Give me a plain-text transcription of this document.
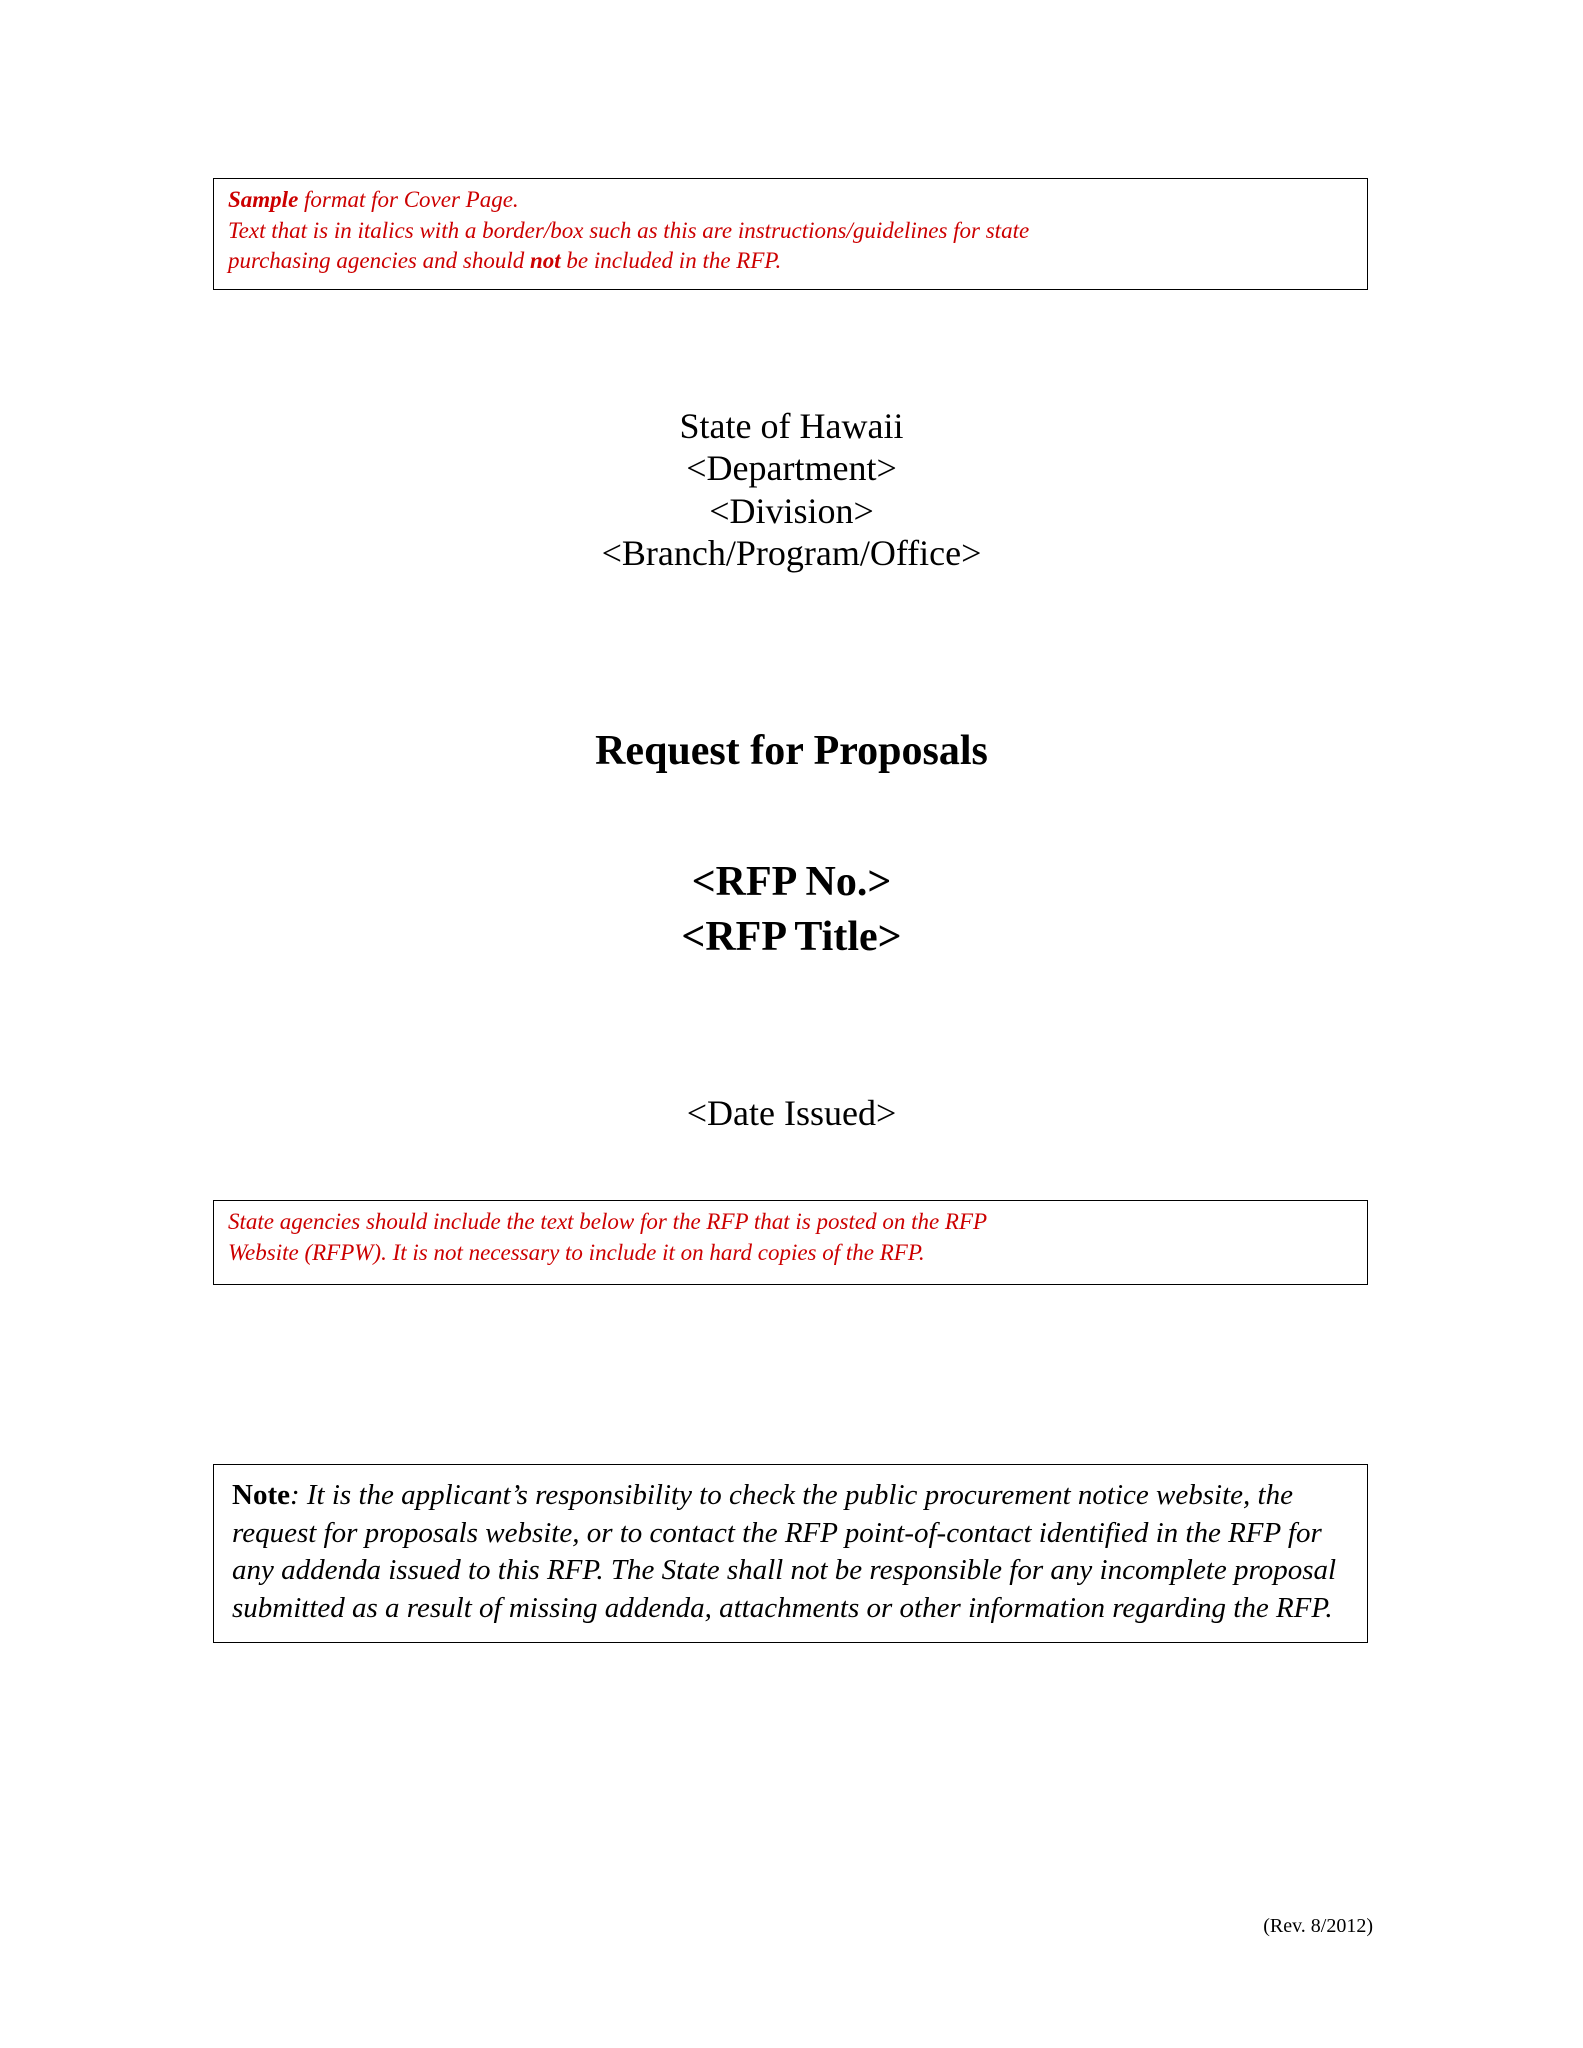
Sample format for Cover Page.
Text that is in italics with a border/box such as this are instructions/guidelines for state
purchasing agencies and should not be included in the RFP.
State of Hawaii
<Department>
<Division>
<Branch/Program/Office>
Request for Proposals
<RFP No.>
<RFP Title>
<Date Issued>
State agencies should include the text below for the RFP that is posted on the RFP
Website (RFPW). It is not necessary to include it on hard copies of the RFP.
Note: It is the applicant’s responsibility to check the public procurement notice website, the request for proposals website, or to contact the RFP point-of-contact identified in the RFP for any addenda issued to this RFP. The State shall not be responsible for any incomplete proposal submitted as a result of missing addenda, attachments or other information regarding the RFP.
(Rev. 8/2012)
